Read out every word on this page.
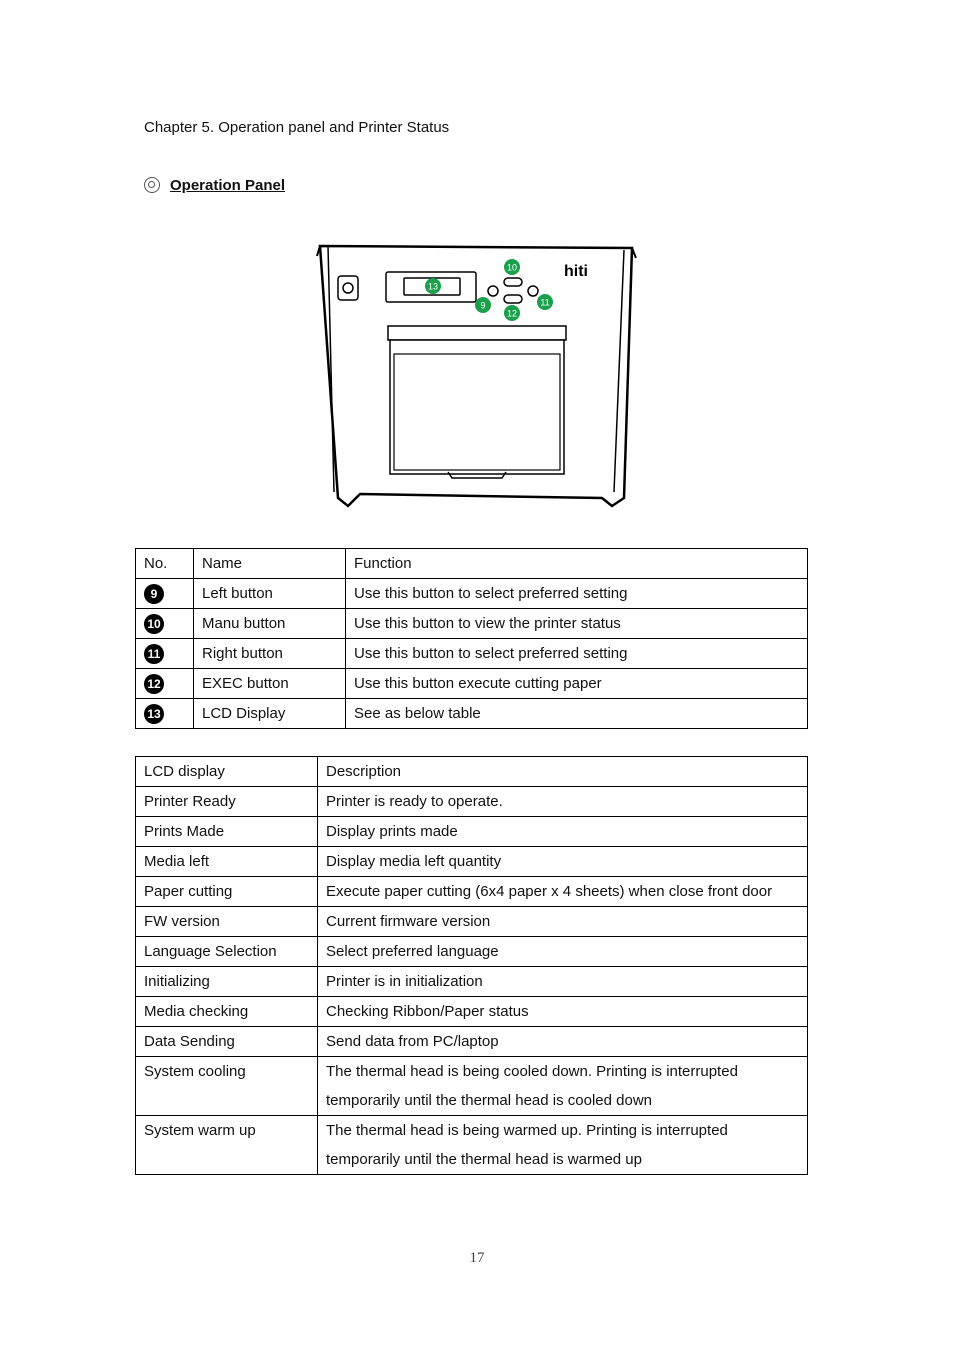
Chapter 5. Operation panel and Printer Status
Operation Panel
hiti
10
13
9	11
12
No.	Name	Function
9	Left button	Use this button to select preferred setting
10	Manu button	Use this button to view the printer status
11	Right button	Use this button to select preferred setting
12	EXEC button	Use this button execute cutting paper
13	LCD Display	See as below table
LCD display	Description
Printer Ready	Printer is ready to operate.
Prints Made	Display prints made
Media left	Display media left quantity
Paper cutting	Execute paper cutting (6x4 paper x 4 sheets) when close front door
FW version	Current firmware version
Language Selection	Select preferred language
Initializing	Printer is in initialization
Media checking	Checking Ribbon/Paper status
Data Sending	Send data from PC/laptop
System cooling	The thermal head is being cooled down. Printing is interrupted temporarily until the thermal head is cooled down
System warm up	The thermal head is being warmed up. Printing is interrupted temporarily until the thermal head is warmed up
17
